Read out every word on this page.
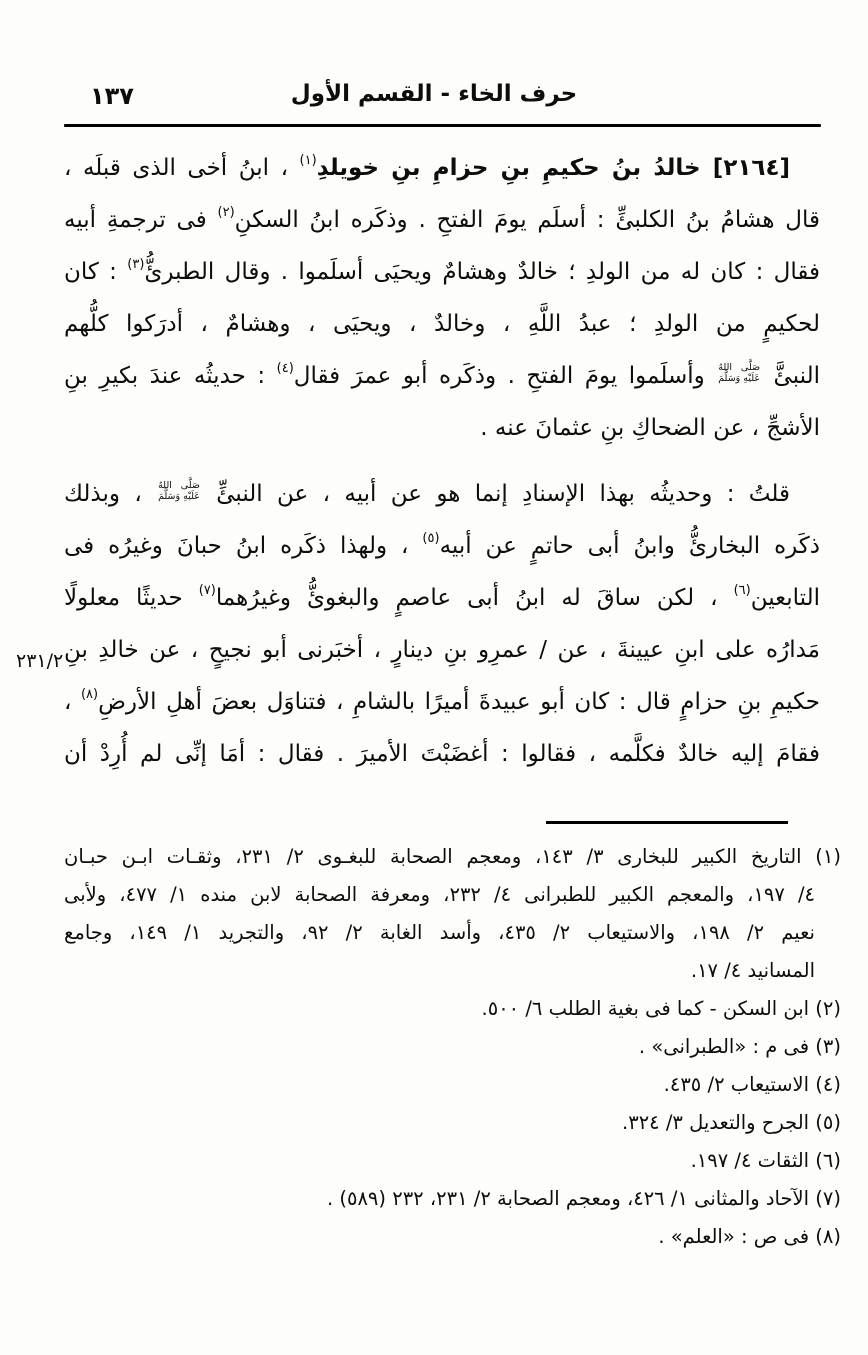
١٣٧	حرف الخاء - القسم الأول
[٢١٦٤] خالدُ بنُ حكيمِ بنِ حزامِ بنِ خويلدِ$^{(١)}$ ، ابنُ أخى الذى قبلَه ،
قال هشامُ بنُ الكلبئِّ : أسلَم يومَ الفتحِ . وذكَره ابنُ السكنِ$^{(٢)}$ فى ترجمةِ أبيه
فقال : كان له من الولدِ ؛ خالدٌ وهشامٌ ويحيَى أسلَموا . وقال الطبرئُّ$^{(٣)}$ : كان
لحكيمٍ من الولدِ ؛ عبدُ اللَّهِ ، وخالدٌ ، ويحيَى ، وهشامٌ ، أدرَكوا كلُّهم
النبئَّ
صَلَّى اللهُ
عَلَيْهِ وَسَلَّمَ
وأسلَموا يومَ الفتحِ . وذكَره أبو عمرَ فقال$^{(٤)}$ : حديثُه عندَ بكيرِ بنِ
الأشجِّ ، عن الضحاكِ بنِ عثمانَ عنه .
قلتُ : وحديثُه بهذا الإسنادِ إنما هو عن أبيه ، عن النبئِّ
صَلَّى اللهُ
عَلَيْهِ وَسَلَّمَ
، وبذلك
ذكَره البخارئُّ وابنُ أبى حاتمٍ عن أبيه$^{(٥)}$ ، ولهذا ذكَره ابنُ حبانَ وغيرُه فى
التابعين$^{(٦)}$ ، لكن ساقَ له ابنُ أبى عاصمٍ والبغوئُّ وغيرُهما$^{(٧)}$ حديثًا معلولًا
مَدارُه على ابنِ عيينةَ ، عن / عمرِو بنِ دينارٍ ، أخبَرنى أبو نجيحٍ ، عن خالدِ بنِ
حكيمِ بنِ حزامٍ قال : كان أبو عبيدةَ أميرًا بالشامِ ، فتناوَل بعضَ أهلِ الأرضِ$^{(٨)}$ ،
فقامَ إليه خالدٌ فكلَّمه ، فقالوا : أغضَبْتَ الأميرَ . فقال : أمَا إنِّى لم أُرِدْ أن
٢٣١/٢
(١) التاريخ الكبير للبخارى ٣/ ١٤٣، ومعجم الصحابة للبغـوى ٢/ ٢٣١، وثقـات ابـن حبـان
٤/ ١٩٧، والمعجم الكبير للطبرانى ٤/ ٢٣٢، ومعرفة الصحابة لابن منده ١/ ٤٧٧، ولأبى
نعيم ٢/ ١٩٨، والاستيعاب ٢/ ٤٣٥، وأسد الغابة ٢/ ٩٢، والتجريد ١/ ١٤٩، وجامع
المسانيد ٤/ ١٧.
(٢) ابن السكن - كما فى بغية الطلب ٦/ ٥٠٠.
(٣) فى م : «الطبرانى» .
(٤) الاستيعاب ٢/ ٤٣٥.
(٥) الجرح والتعديل ٣/ ٣٢٤.
(٦) الثقات ٤/ ١٩٧.
(٧) الآحاد والمثانى ١/ ٤٢٦، ومعجم الصحابة ٢/ ٢٣١، ٢٣٢ (٥٨٩) .
(٨) فى ص : «العلم» .
